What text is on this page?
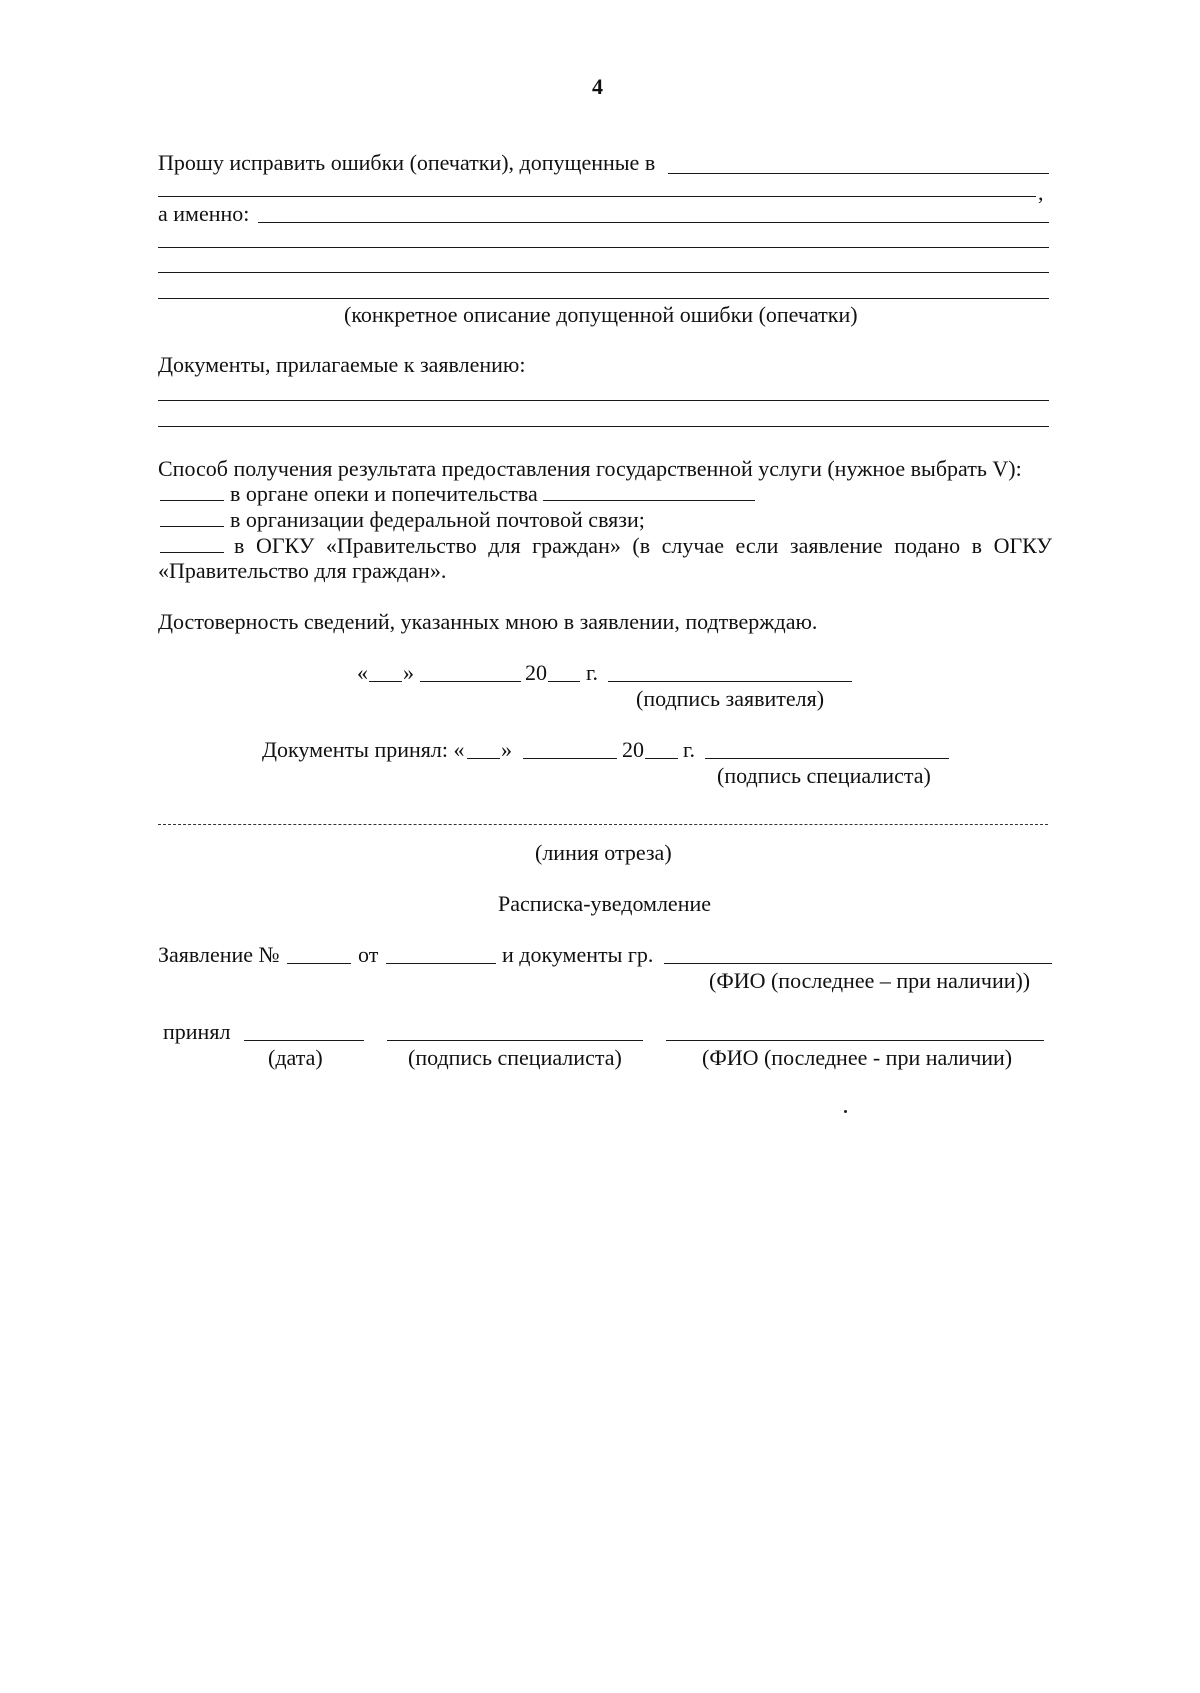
4
Прошу исправить ошибки (опечатки), допущенные в
,
а именно:
(конкретное описание допущенной ошибки (опечатки)
Документы, прилагаемые к заявлению:
Способ получения результата предоставления государственной услуги (нужное выбрать V):
в органе опеки и попечительства
в организации федеральной почтовой связи;
в ОГКУ «Правительство для граждан» (в случае если заявление подано в ОГКУ
«Правительство для граждан».
Достоверность сведений, указанных мною в заявлении, подтверждаю.
« »	20 г.
(подпись заявителя)
Документы принял: « »	20 г.
(подпись специалиста)
(линия отреза)
Расписка-уведомление
Заявление №	от	и документы гр.
(ФИО (последнее – при наличии))
принял
(дата)	(подпись специалиста)	(ФИО (последнее - при наличии)
